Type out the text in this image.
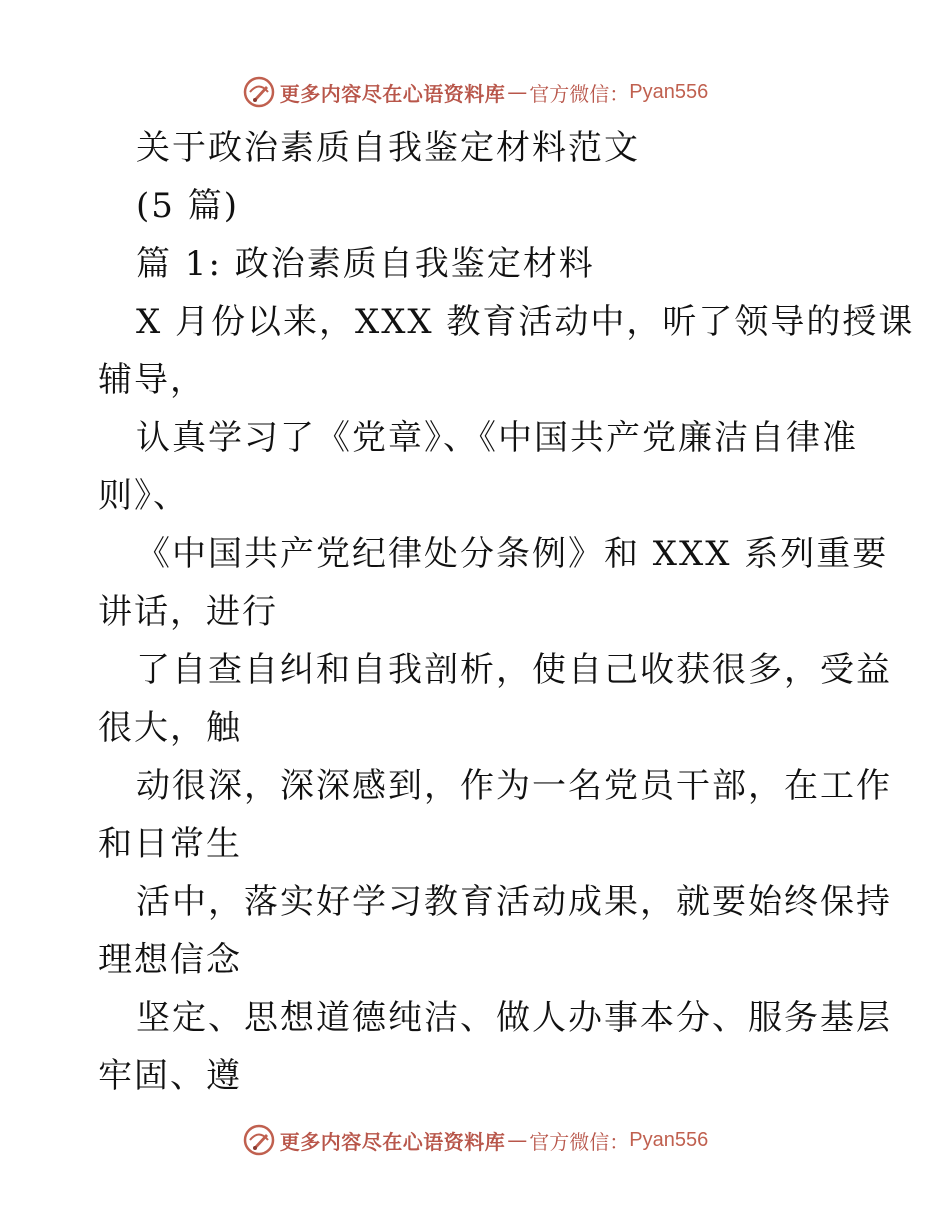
更多内容尽在心语资料库 — 官方微信： Pyan556
关于政治素质自我鉴定材料范文
(5 篇)
篇 1: 政治素质自我鉴定材料
X 月份以来，XXX 教育活动中，听了领导的授课
辅导，
认真学习了《党章》、《中国共产党廉洁自律准
则》、
《中国共产党纪律处分条例》和 XXX 系列重要
讲话，进行
了自查自纠和自我剖析，使自己收获很多，受益
很大，触
动很深，深深感到，作为一名党员干部，在工作
和日常生
活中，落实好学习教育活动成果，就要始终保持
理想信念
坚定、思想道德纯洁、做人办事本分、服务基层
牢固、遵
更多内容尽在心语资料库 — 官方微信： Pyan556
